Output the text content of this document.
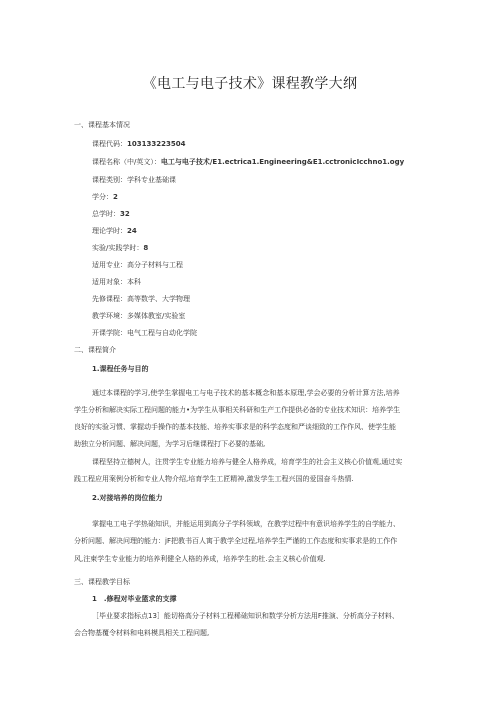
《电工与电子技术》课程教学大纲
一、课程基本情况
课程代码：103133223504
课程名称（中/英文）：电工与电子技术/E1.ectrica1.Engineering&E1.cctronicIcchno1.ogy
课程类别：学科专业基础课
学分：2
总学时：32
理论学时：24
实验/实践学时：8
适用专业：高分子材料与工程
适用对象：本科
先修课程：高等数学、大学物理
教学环境：多媒体教室/实验室
开课学院：电气工程与自动化学院
二、课程简介
1.课程任务与目的
通过本课程的学习,使学生掌握电工与电子技术的基本概念和基本原理,学会必要的分析计算方法,培养
学生分析和解决实际工程问题的能力•为学生从事相关科研和生产工作提供必备的专业技术知识：培养学生
良好的实验习惯、掌握动手操作的基本技能、培养实事求是的科学态度和严谈细致的工作作风、使学生能
助独立分析问题、解决问题，为学习后继课程打下必要的基础,
课程坚持立德树人，注贯学生专业能力培养与健全人格养成，培育学生的社会主义核心价值观,通过实
践工程应用案例分析和专业人物介绍,培育学生工匠精神,激发学生工程兴国的爱国奋斗热情.
2.对接培养的岗位能力
掌握电工电子学热础知识，并能运用到高分子学科领域，在教学过程中有意识培养学生的自学能力、
分析问题、解决问理的能力：jF把教书百人寓于教学全过程,培养学生严谨的工作态度和实事求是的工作作
风,注柬学生专业能力的培养利健全人格的养成，培养学生的杜.会主义核心价值观.
三、课程教学目标
1　.修程对毕业篮求的支撑
［毕业要求指标点13］能切格高分子材料工程稀础知识和数学分析方法用F推演、分析高分子材料、
会合物基覆令材料和电料模具相关工程问题,
